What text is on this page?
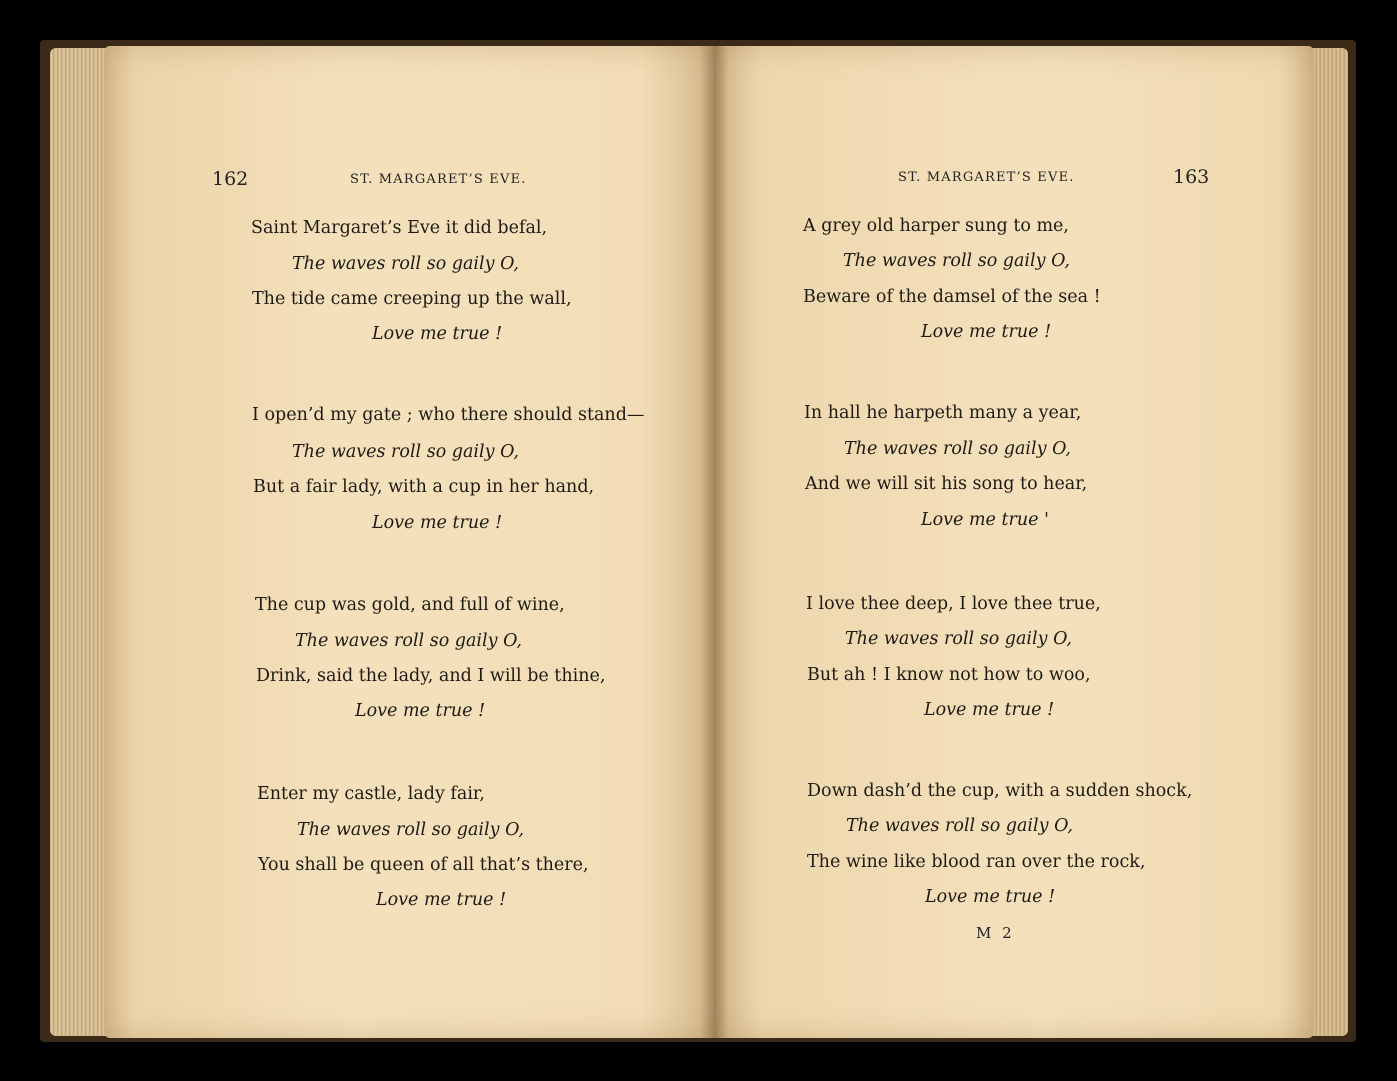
162	ST. MARGARET’S EVE.
Saint Margaret’s Eve it did befal,
The waves roll so gaily O,
The tide came creeping up the wall,
Love me true !
I open’d my gate ; who there should stand—
The waves roll so gaily O,
But a fair lady, with a cup in her hand,
Love me true !
The cup was gold, and full of wine,
The waves roll so gaily O,
Drink, said the lady, and I will be thine,
Love me true !
Enter my castle, lady fair,
The waves roll so gaily O,
You shall be queen of all that’s there,
Love me true !
ST. MARGARET’S EVE.	163
A grey old harper sung to me,
The waves roll so gaily O,
Beware of the damsel of the sea !
Love me true !
In hall he harpeth many a year,
The waves roll so gaily O,
And we will sit his song to hear,
Love me true '
I love thee deep, I love thee true,
The waves roll so gaily O,
But ah ! I know not how to woo,
Love me true !
Down dash’d the cup, with a sudden shock,
The waves roll so gaily O,
The wine like blood ran over the rock,
Love me true !
M 2
